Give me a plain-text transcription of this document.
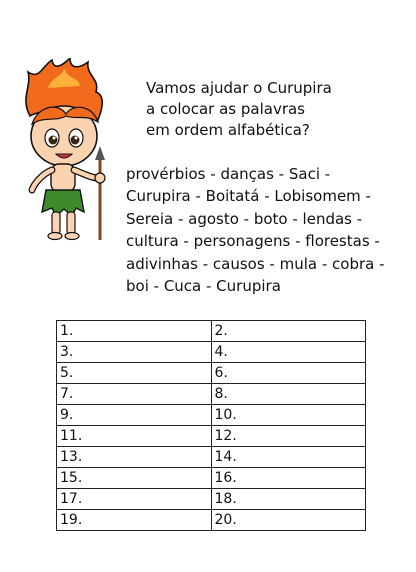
Vamos ajudar o Curupira
a colocar as palavras
em ordem alfabética?
provérbios - danças - Saci -
Curupira - Boitatá - Lobisomem -
Sereia - agosto - boto - lendas -
cultura - personagens - florestas -
adivinhas - causos - mula - cobra -
boi - Cuca - Curupira
1.	2.
3.	4.
5.	6.
7.	8.
9.	10.
11.	12.
13.	14.
15.	16.
17.	18.
19.	20.
